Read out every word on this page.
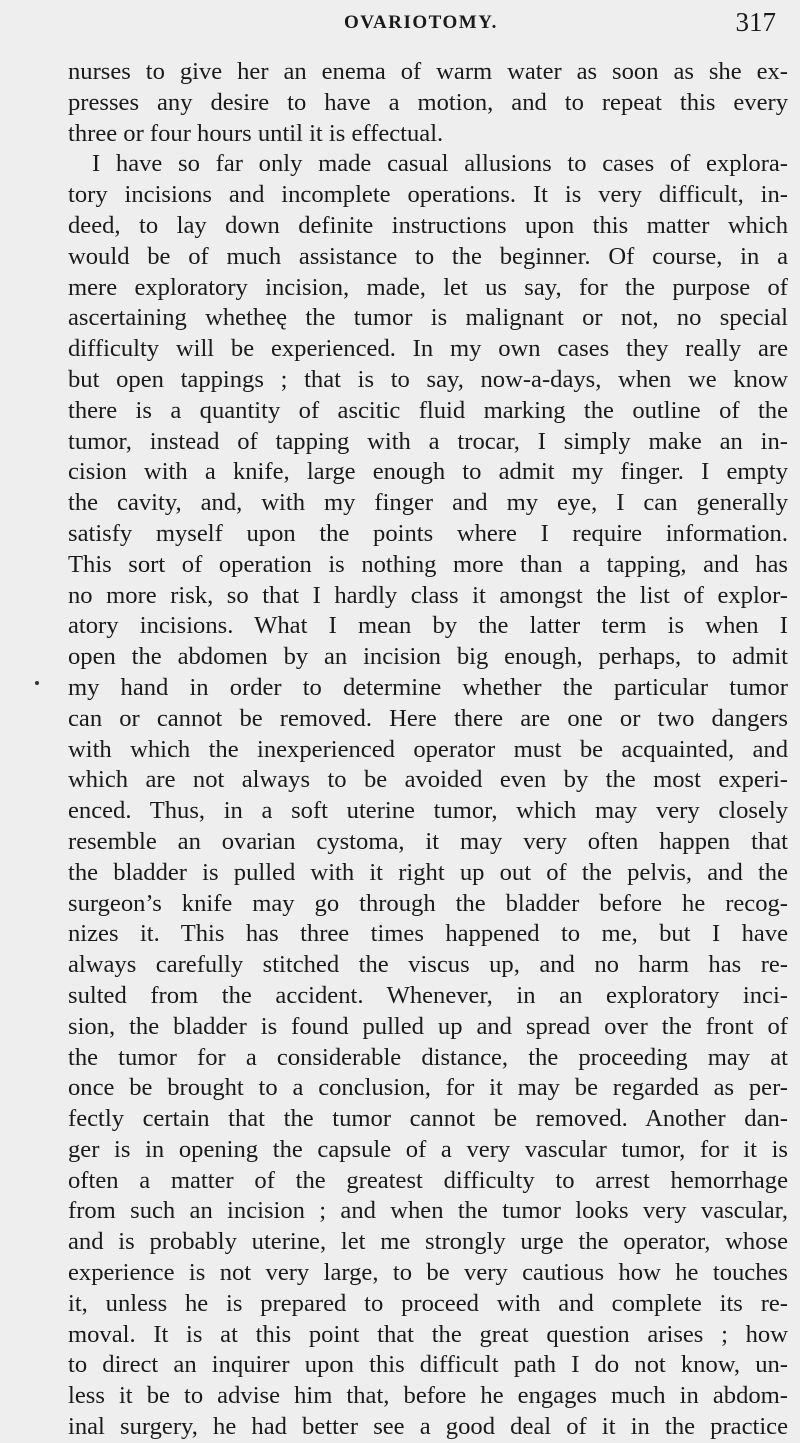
OVARIOTOMY.	317
nurses to give her an enema of warm water as soon as she ex-
presses any desire to have a motion, and to repeat this every
three or four hours until it is effectual.
I have so far only made casual allusions to cases of explora-
tory incisions and incomplete operations. It is very difficult, in-
deed, to lay down definite instructions upon this matter which
would be of much assistance to the beginner. Of course, in a
mere exploratory incision, made, let us say, for the purpose of
ascertaining whetheę the tumor is malignant or not, no special
difficulty will be experienced. In my own cases they really are
but open tappings ; that is to say, now-a-days, when we know
there is a quantity of ascitic fluid marking the outline of the
tumor, instead of tapping with a trocar, I simply make an in-
cision with a knife, large enough to admit my finger. I empty
the cavity, and, with my finger and my eye, I can generally
satisfy myself upon the points where I require information.
This sort of operation is nothing more than a tapping, and has
no more risk, so that I hardly class it amongst the list of explor-
atory incisions. What I mean by the latter term is when I
open the abdomen by an incision big enough, perhaps, to admit
my hand in order to determine whether the particular tumor
can or cannot be removed. Here there are one or two dangers
with which the inexperienced operator must be acquainted, and
which are not always to be avoided even by the most experi-
enced. Thus, in a soft uterine tumor, which may very closely
resemble an ovarian cystoma, it may very often happen that
the bladder is pulled with it right up out of the pelvis, and the
surgeon’s knife may go through the bladder before he recog-
nizes it. This has three times happened to me, but I have
always carefully stitched the viscus up, and no harm has re-
sulted from the accident. Whenever, in an exploratory inci-
sion, the bladder is found pulled up and spread over the front of
the tumor for a considerable distance, the proceeding may at
once be brought to a conclusion, for it may be regarded as per-
fectly certain that the tumor cannot be removed. Another dan-
ger is in opening the capsule of a very vascular tumor, for it is
often a matter of the greatest difficulty to arrest hemorrhage
from such an incision ; and when the tumor looks very vascular,
and is probably uterine, let me strongly urge the operator, whose
experience is not very large, to be very cautious how he touches
it, unless he is prepared to proceed with and complete its re-
moval. It is at this point that the great question arises ; how
to direct an inquirer upon this difficult path I do not know, un-
less it be to advise him that, before he engages much in abdom-
inal surgery, he had better see a good deal of it in the practice
